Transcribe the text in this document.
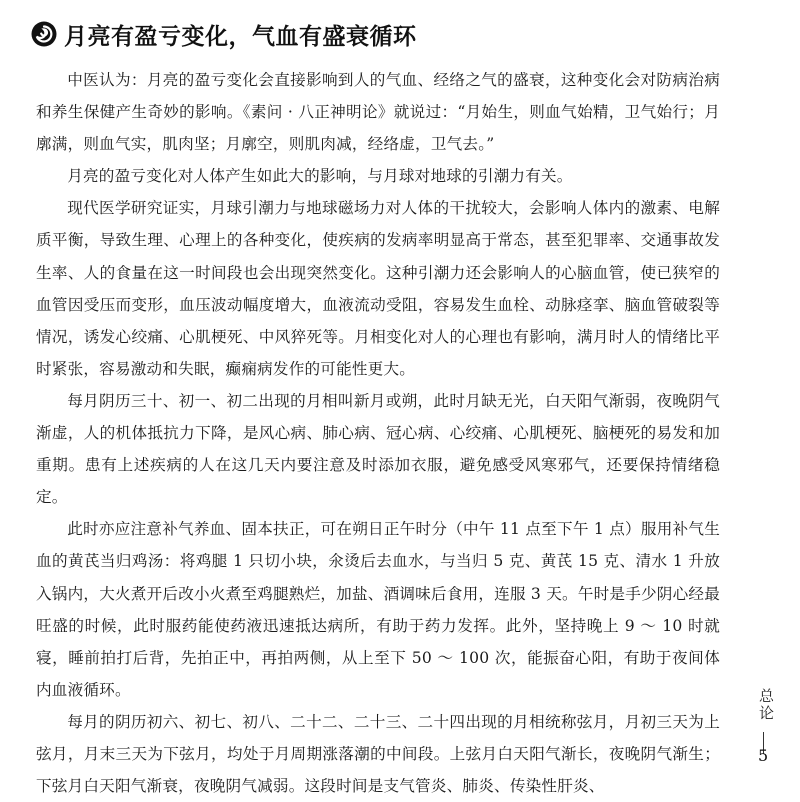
月亮有盈亏变化，气血有盛衰循环

中医认为：月亮的盈亏变化会直接影响到人的气血、经络之气的盛衰，这种变化会对防病治病和养生保健产生奇妙的影响。《素问 · 八正神明论》就说过：“月始生，则血气始精，卫气始行；月廓满，则血气实，肌肉坚；月廓空，则肌肉减，经络虚，卫气去。”

月亮的盈亏变化对人体产生如此大的影响，与月球对地球的引潮力有关。

现代医学研究证实，月球引潮力与地球磁场力对人体的干扰较大，会影响人体内的激素、电解质平衡，导致生理、心理上的各种变化，使疾病的发病率明显高于常态，甚至犯罪率、交通事故发生率、人的食量在这一时间段也会出现突然变化。这种引潮力还会影响人的心脑血管，使已狭窄的血管因受压而变形，血压波动幅度增大，血液流动受阻，容易发生血栓、动脉痉挛、脑血管破裂等情况，诱发心绞痛、心肌梗死、中风猝死等。月相变化对人的心理也有影响，满月时人的情绪比平时紧张，容易激动和失眠，癫痫病发作的可能性更大。

每月阴历三十、初一、初二出现的月相叫新月或朔，此时月缺无光，白天阳气渐弱，夜晚阴气渐虚，人的机体抵抗力下降，是风心病、肺心病、冠心病、心绞痛、心肌梗死、脑梗死的易发和加重期。患有上述疾病的人在这几天内要注意及时添加衣服，避免感受风寒邪气，还要保持情绪稳定。

此时亦应注意补气养血、固本扶正，可在朔日正午时分（中午 11 点至下午 1 点）服用补气生血的黄芪当归鸡汤：将鸡腿 1 只切小块，氽烫后去血水，与当归 5 克、黄芪 15 克、清水 1 升放入锅内，大火煮开后改小火煮至鸡腿熟烂，加盐、酒调味后食用，连服 3 天。午时是手少阴心经最旺盛的时候，此时服药能使药液迅速抵达病所，有助于药力发挥。此外，坚持晚上 9 ～ 10 时就寝，睡前拍打后背，先拍正中，再拍两侧，从上至下 50 ～ 100 次，能振奋心阳，有助于夜间体内血液循环。

每月的阴历初六、初七、初八、二十二、二十三、二十四出现的月相统称弦月，月初三天为上弦月，月末三天为下弦月，均处于月周期涨落潮的中间段。上弦月白天阳气渐长，夜晚阴气渐生；下弦月白天阳气渐衰，夜晚阴气减弱。这段时间是支气管炎、肺炎、传染性肝炎、

总论
5
